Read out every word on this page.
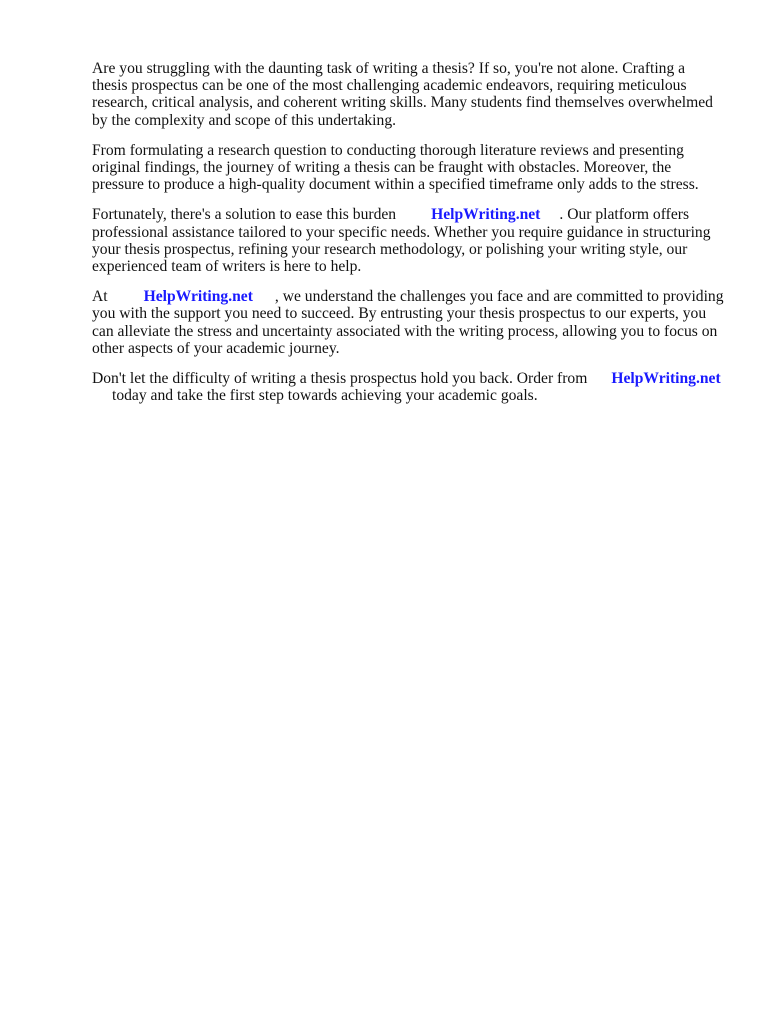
Are you struggling with the daunting task of writing a thesis? If so, you're not alone. Crafting a
thesis prospectus can be one of the most challenging academic endeavors, requiring meticulous
research, critical analysis, and coherent writing skills. Many students find themselves overwhelmed
by the complexity and scope of this undertaking.

From formulating a research question to conducting thorough literature reviews and presenting
original findings, the journey of writing a thesis can be fraught with obstacles. Moreover, the
pressure to produce a high-quality document within a specified timeframe only adds to the stress.

Fortunately, there's a solution to ease this burden HelpWriting.net . Our platform offers
professional assistance tailored to your specific needs. Whether you require guidance in structuring
your thesis prospectus, refining your research methodology, or polishing your writing style, our
experienced team of writers is here to help.

At HelpWriting.net , we understand the challenges you face and are committed to providing
you with the support you need to succeed. By entrusting your thesis prospectus to our experts, you
can alleviate the stress and uncertainty associated with the writing process, allowing you to focus on
other aspects of your academic journey.

Don't let the difficulty of writing a thesis prospectus hold you back. Order from HelpWriting.net
today and take the first step towards achieving your academic goals.
